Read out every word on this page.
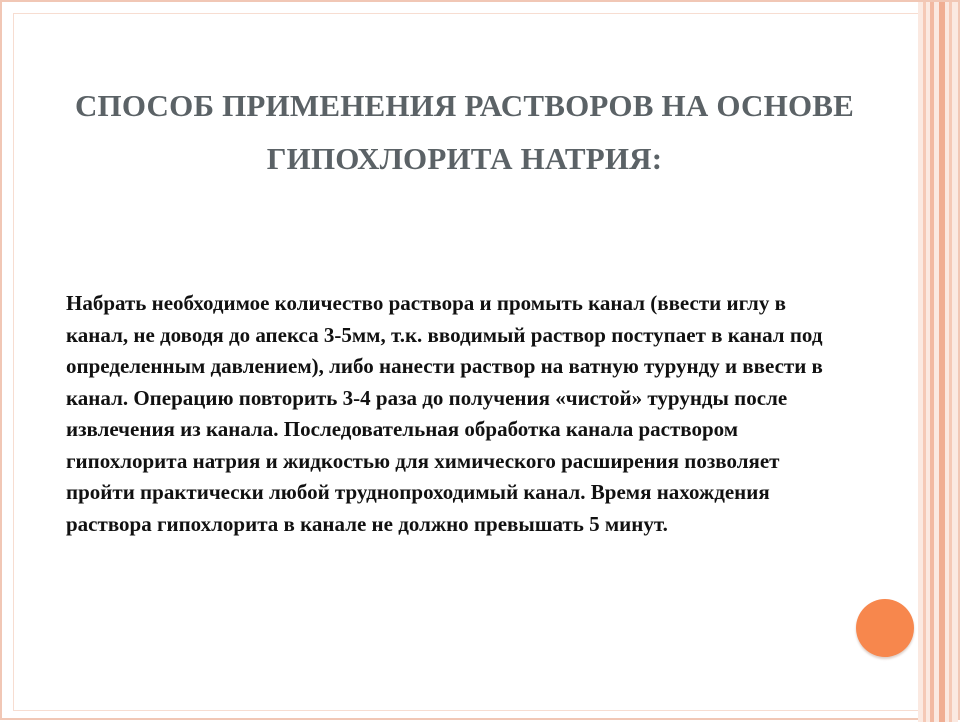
СПОСОБ ПРИМЕНЕНИЯ РАСТВОРОВ НА ОСНОВЕ
ГИПОХЛОРИТА НАТРИЯ:

Набрать необходимое количество раствора и промыть канал (ввести иглу в канал, не доводя до апекса 3-5мм, т.к. вводимый раствор поступает в канал под определенным давлением), либо нанести раствор на ватную турунду и ввести в канал. Операцию повторить 3-4 раза до получения «чистой» турунды после извлечения из канала. Последовательная обработка канала раствором гипохлорита натрия и жидкостью для химического расширения позволяет пройти практически любой труднопроходимый канал. Время нахождения раствора гипохлорита в канале не должно превышать 5 минут.
